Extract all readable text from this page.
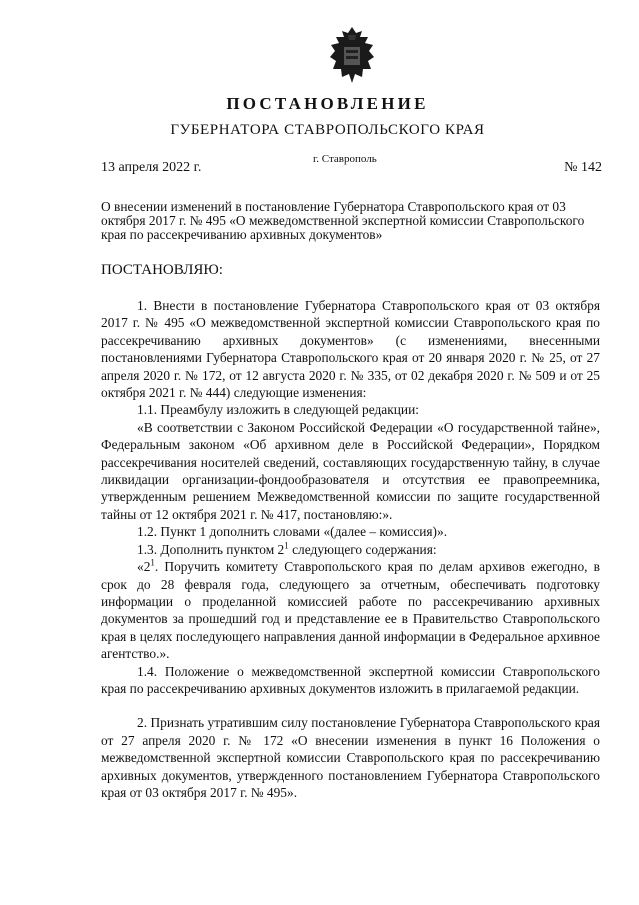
ПОСТАНОВЛЕНИЕ
ГУБЕРНАТОРА СТАВРОПОЛЬСКОГО КРАЯ
13 апреля 2022 г.
г. Ставрополь
№ 142
О внесении изменений в постановление Губернатора Ставропольского края от 03 октября 2017 г. № 495 «О межведомственной экспертной комиссии Ставропольского края по рассекречиванию архивных документов»
ПОСТАНОВЛЯЮ:

1. Внести в постановление Губернатора Ставропольского края от 03 октября 2017 г. № 495 «О межведомственной экспертной комиссии Ставропольского края по рассекречиванию архивных документов» (с изменениями, внесенными постановлениями Губернатора Ставропольского края от 20 января 2020 г. № 25, от 27 апреля 2020 г. № 172, от 12 августа 2020 г. № 335, от 02 декабря 2020 г. № 509 и от 25 октября 2021 г. № 444) следующие изменения:

1.1. Преамбулу изложить в следующей редакции:

«В соответствии с Законом Российской Федерации «О государственной тайне», Федеральным законом «Об архивном деле в Российской Федерации», Порядком рассекречивания носителей сведений, составляющих государственную тайну, в случае ликвидации организации-фондообразователя и отсутствия ее правопреемника, утвержденным решением Межведомственной комиссии по защите государственной тайны от 12 октября 2021 г. № 417, постановляю:».

1.2. Пункт 1 дополнить словами «(далее – комиссия)».

1.3. Дополнить пунктом $2^1$ следующего содержания:

«$2^1$. Поручить комитету Ставропольского края по делам архивов ежегодно, в срок до 28 февраля года, следующего за отчетным, обеспечивать подготовку информации о проделанной комиссией работе по рассекречиванию архивных документов за прошедший год и представление ее в Правительство Ставропольского края в целях последующего направления данной информации в Федеральное архивное агентство.».

1.4. Положение о межведомственной экспертной комиссии Ставропольского края по рассекречиванию архивных документов изложить в прилагаемой редакции.

2. Признать утратившим силу постановление Губернатора Ставропольского края от 27 апреля 2020 г. № 172 «О внесении изменения в пункт 16 Положения о межведомственной экспертной комиссии Ставропольского края по рассекречиванию архивных документов, утвержденного постановлением Губернатора Ставропольского края от 03 октября 2017 г. № 495».
